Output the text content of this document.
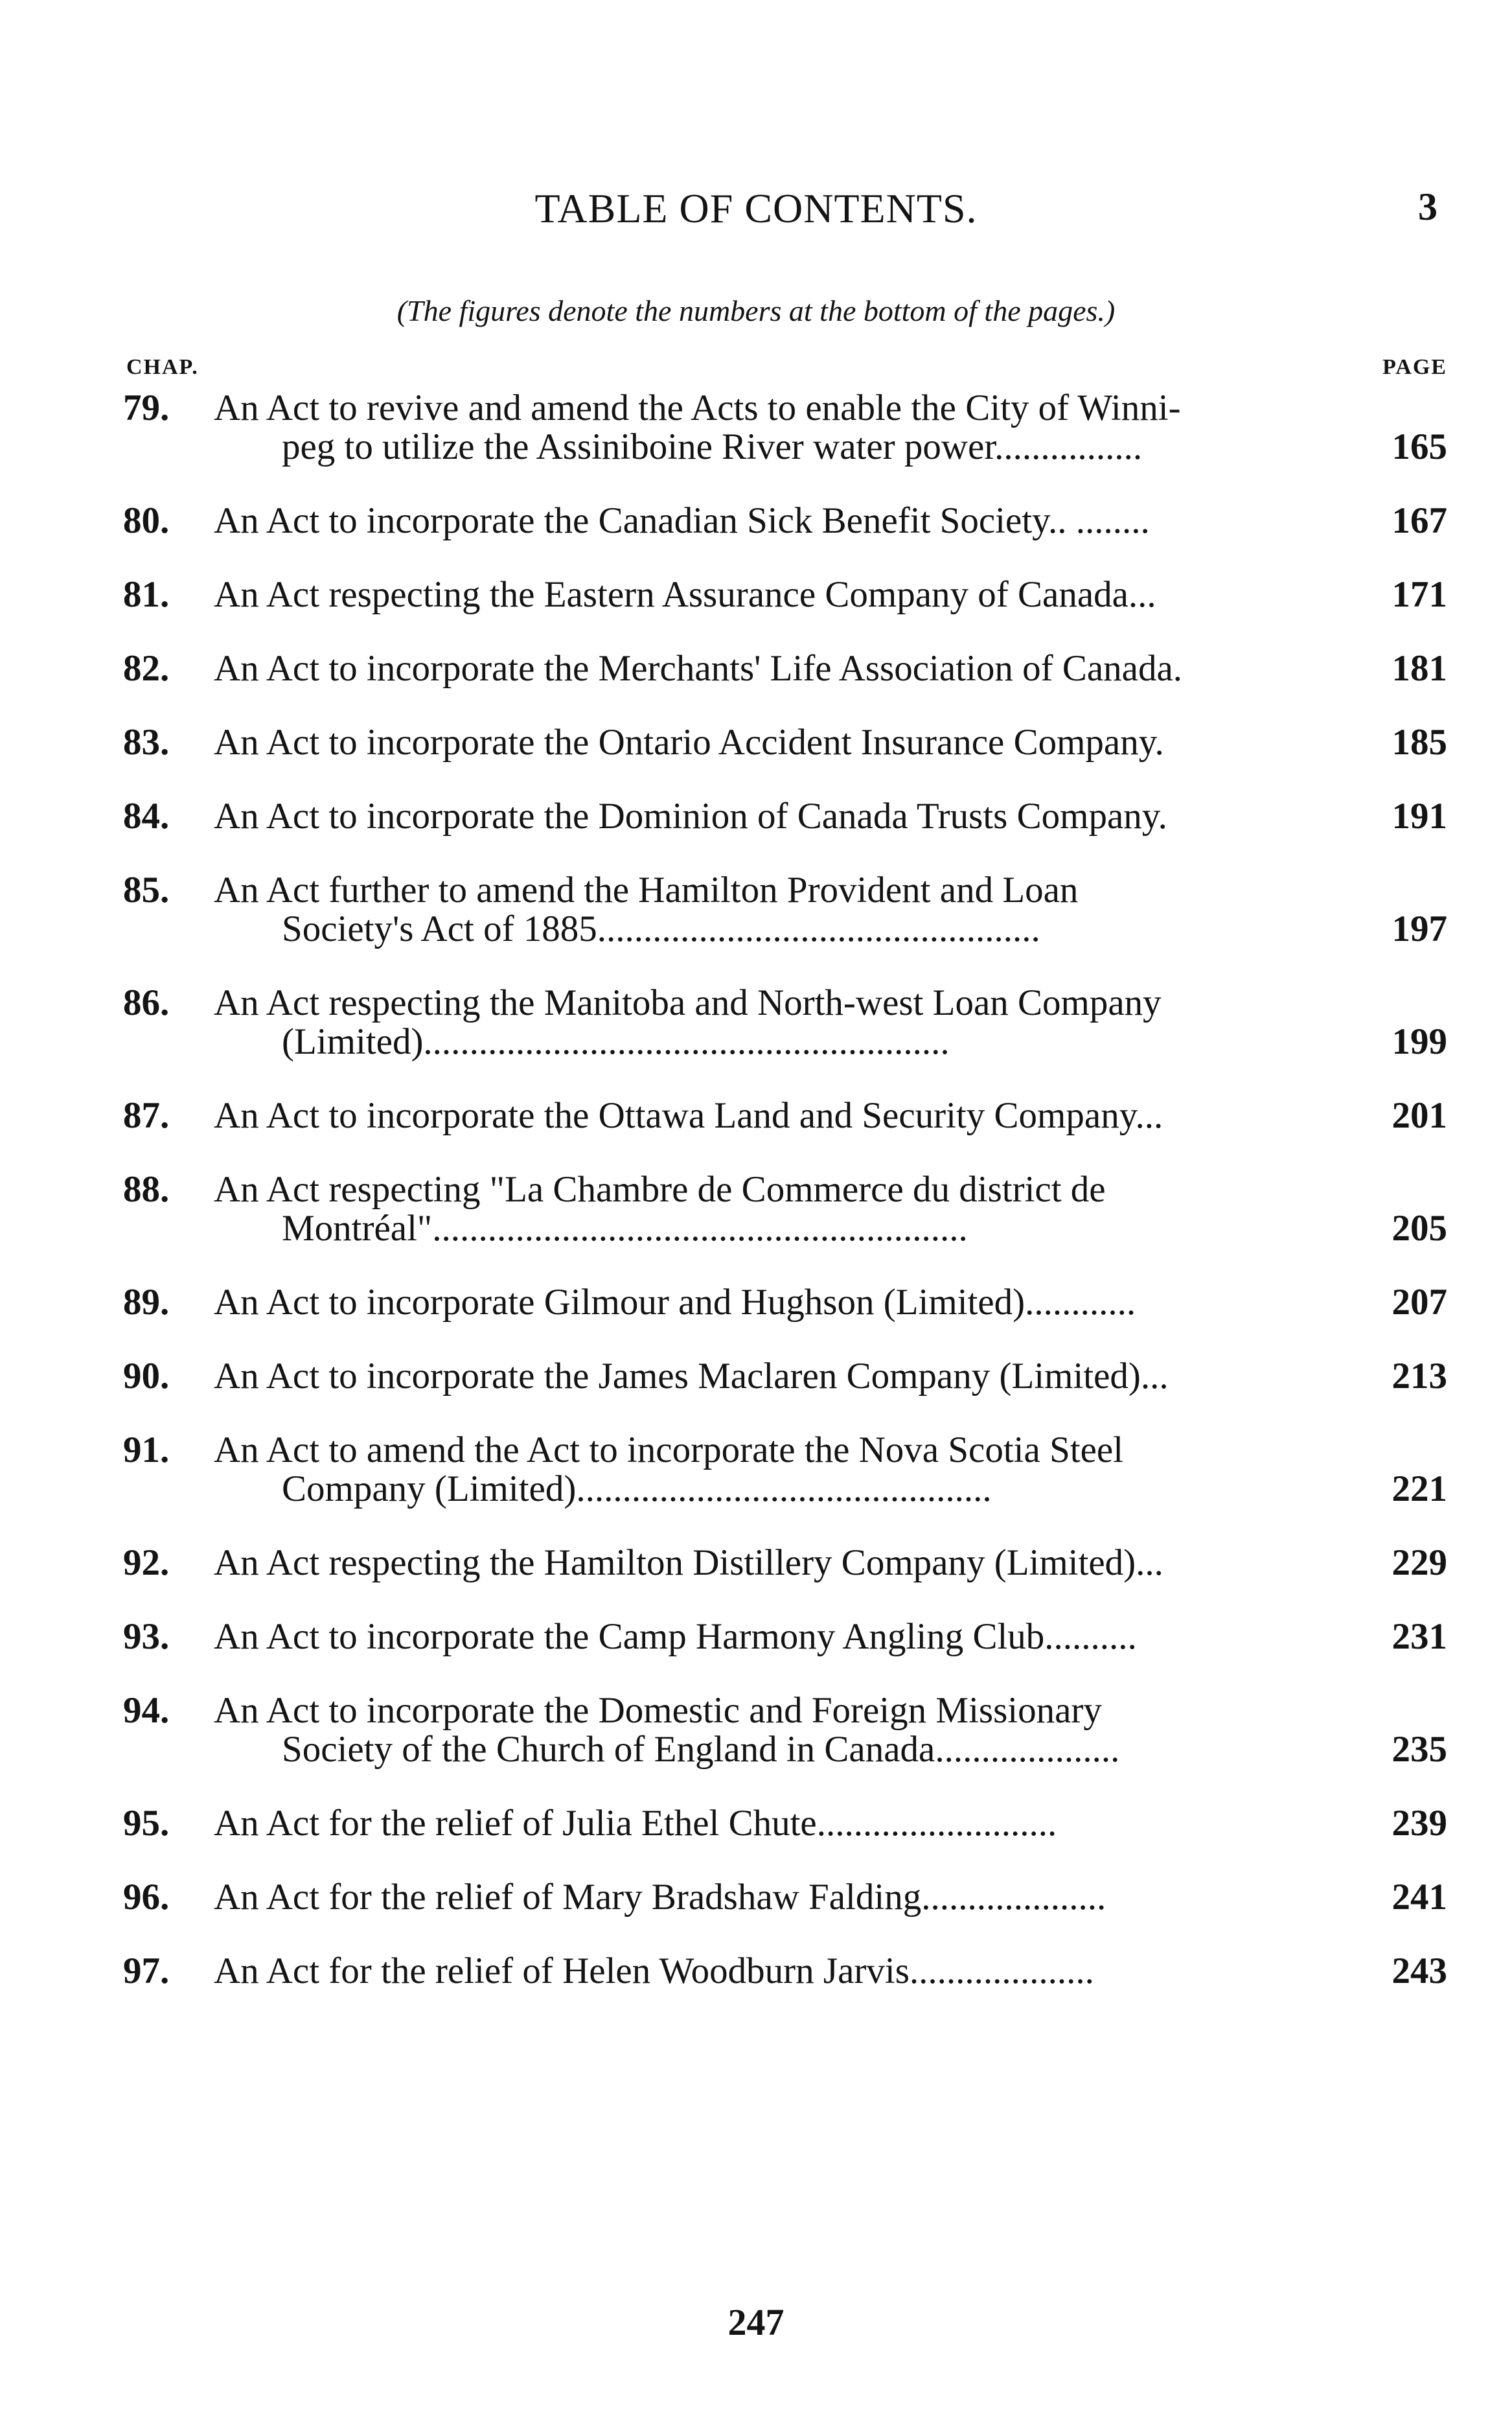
TABLE OF CONTENTS.	3
(The figures denote the numbers at the bottom of the pages.)
CHAP.	PAGE
79.	An Act to revive and amend the Acts to enable the City of Winni-
peg to utilize the Assiniboine River water power................	165
80.	An Act to incorporate the Canadian Sick Benefit Society.. ........	167
81.	An Act respecting the Eastern Assurance Company of Canada...	171
82.	An Act to incorporate the Merchants' Life Association of Canada.	181
83.	An Act to incorporate the Ontario Accident Insurance Company.	185
84.	An Act to incorporate the Dominion of Canada Trusts Company.	191
85.	An Act further to amend the Hamilton Provident and Loan
Society's Act of 1885................................................	197
86.	An Act respecting the Manitoba and North-west Loan Company
(Limited).........................................................	199
87.	An Act to incorporate the Ottawa Land and Security Company...	201
88.	An Act respecting "La Chambre de Commerce du district de
Montréal"..........................................................	205
89.	An Act to incorporate Gilmour and Hughson (Limited)............	207
90.	An Act to incorporate the James Maclaren Company (Limited)...	213
91.	An Act to amend the Act to incorporate the Nova Scotia Steel
Company (Limited).............................................	221
92.	An Act respecting the Hamilton Distillery Company (Limited)...	229
93.	An Act to incorporate the Camp Harmony Angling Club..........	231
94.	An Act to incorporate the Domestic and Foreign Missionary
Society of the Church of England in Canada....................	235
95.	An Act for the relief of Julia Ethel Chute..........................	239
96.	An Act for the relief of Mary Bradshaw Falding....................	241
97.	An Act for the relief of Helen Woodburn Jarvis....................	243
247
